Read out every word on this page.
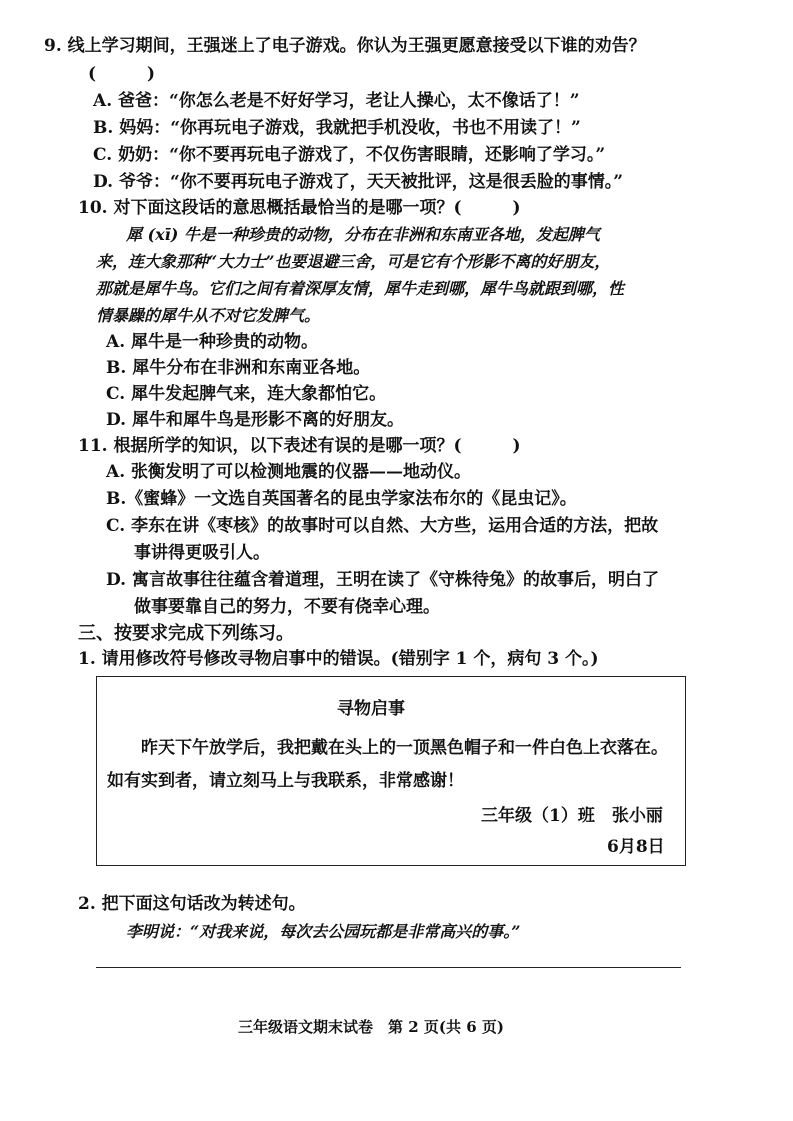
9. 线上学习期间，王强迷上了电子游戏。你认为王强更愿意接受以下谁的劝告？
(　　　)
A. 爸爸：“你怎么老是不好好学习，老让人操心，太不像话了！”
B. 妈妈：“你再玩电子游戏，我就把手机没收，书也不用读了！”
C. 奶奶：“你不要再玩电子游戏了，不仅伤害眼睛，还影响了学习。”
D. 爷爷：“你不要再玩电子游戏了，天天被批评，这是很丢脸的事情。”
10. 对下面这段话的意思概括最恰当的是哪一项？(　　　)
犀 (xī) 牛是一种珍贵的动物，分布在非洲和东南亚各地，发起脾气
来，连大象那种“大力士”也要退避三舍，可是它有个形影不离的好朋友，
那就是犀牛鸟。它们之间有着深厚友情，犀牛走到哪，犀牛鸟就跟到哪，性
情暴躁的犀牛从不对它发脾气。
A. 犀牛是一种珍贵的动物。
B. 犀牛分布在非洲和东南亚各地。
C. 犀牛发起脾气来，连大象都怕它。
D. 犀牛和犀牛鸟是形影不离的好朋友。
11. 根据所学的知识，以下表述有误的是哪一项？(　　　)
A. 张衡发明了可以检测地震的仪器——地动仪。
B.《蜜蜂》一文选自英国著名的昆虫学家法布尔的《昆虫记》。
C. 李东在讲《枣核》的故事时可以自然、大方些，运用合适的方法，把故
事讲得更吸引人。
D. 寓言故事往往蕴含着道理，王明在读了《守株待兔》的故事后，明白了
做事要靠自己的努力，不要有侥幸心理。
三、按要求完成下列练习。
1. 请用修改符号修改寻物启事中的错误。(错别字 1 个，病句 3 个。)
寻物启事
昨天下午放学后，我把戴在头上的一顶黑色帽子和一件白色上衣落在。
如有实到者，请立刻马上与我联系，非常感谢！
三年级（1）班　张小丽
6月8日
2. 把下面这句话改为转述句。
李明说：“对我来说，每次去公园玩都是非常高兴的事。”
三年级语文期末试卷　第 2 页(共 6 页)
